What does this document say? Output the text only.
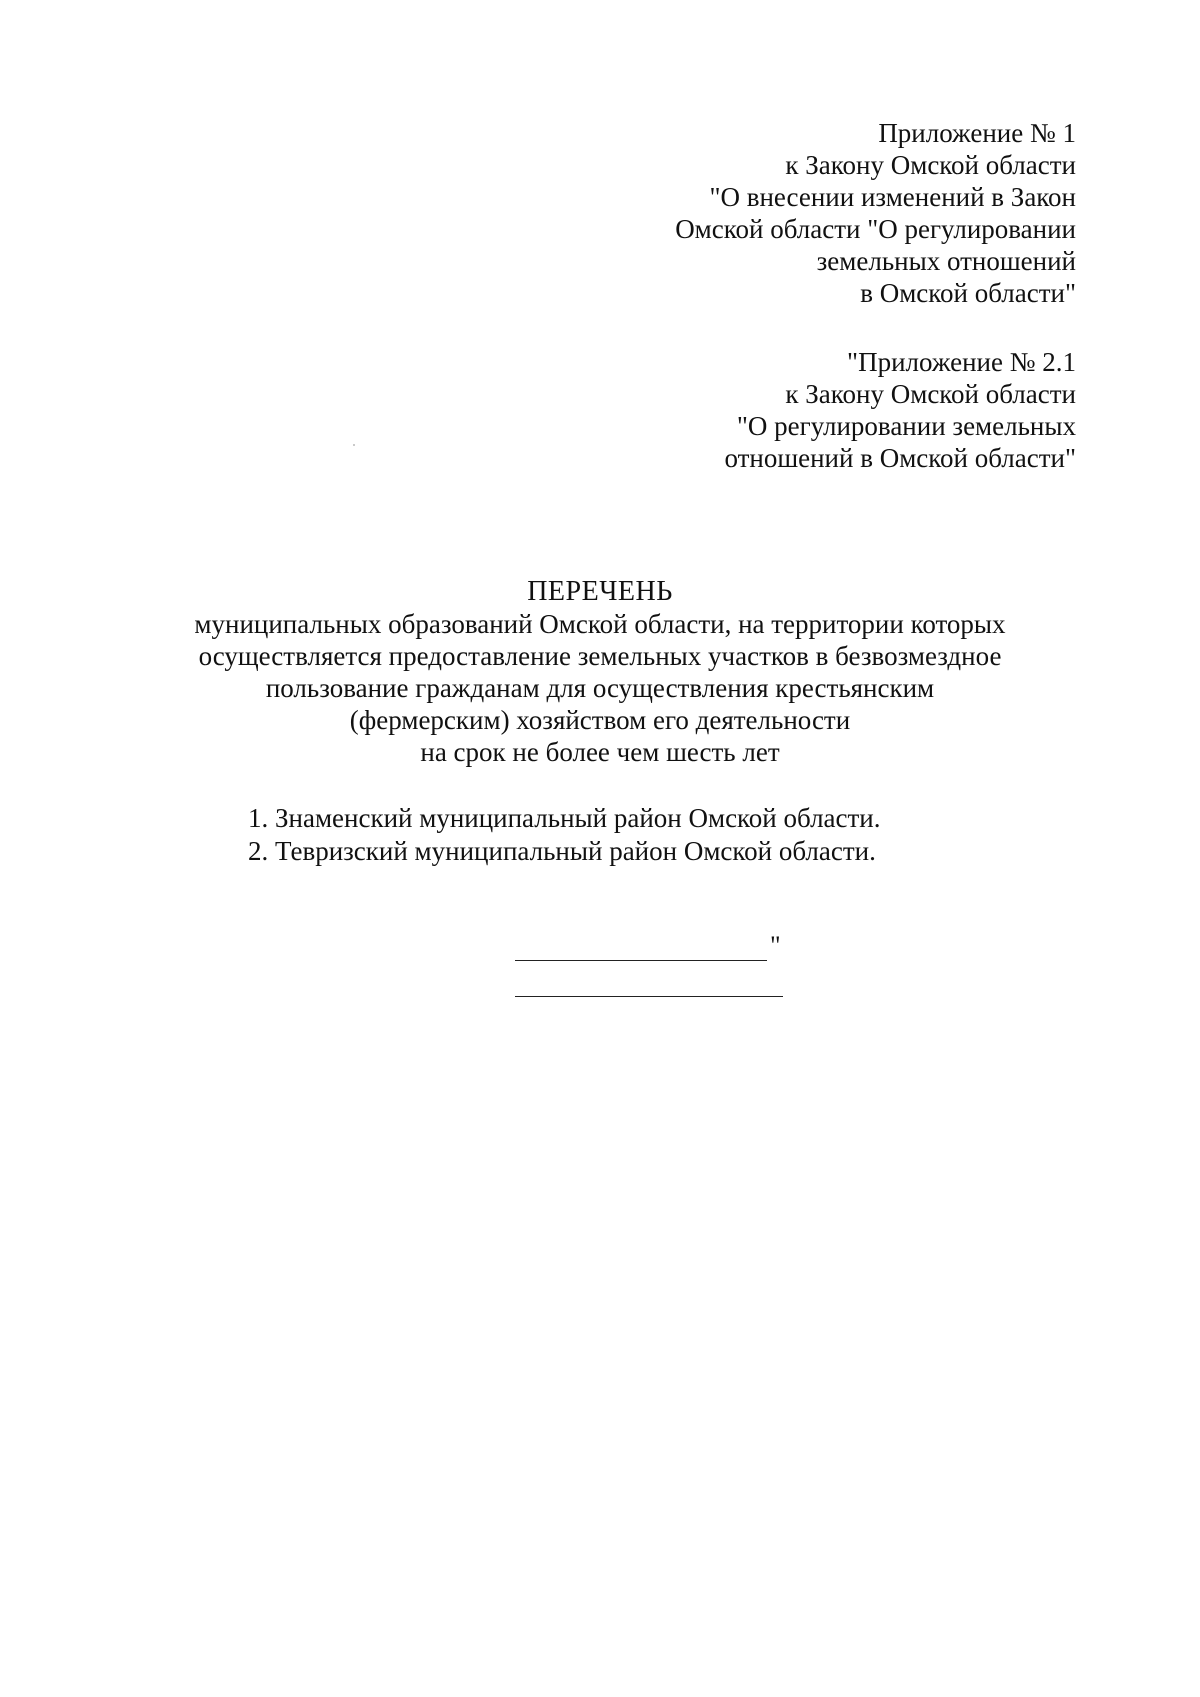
Приложение № 1
к Закону Омской области
"О внесении изменений в Закон
Омской области "О регулировании
земельных отношений
в Омской области"
"Приложение № 2.1
к Закону Омской области
"О регулировании земельных
отношений в Омской области"
ПЕРЕЧЕНЬ
муниципальных образований Омской области, на территории которых
осуществляется предоставление земельных участков в безвозмездное
пользование гражданам для осуществления крестьянским
(фермерским) хозяйством его деятельности
на срок не более чем шесть лет
1. Знаменский муниципальный район Омской области.
2. Тевризский муниципальный район Омской области.
"
